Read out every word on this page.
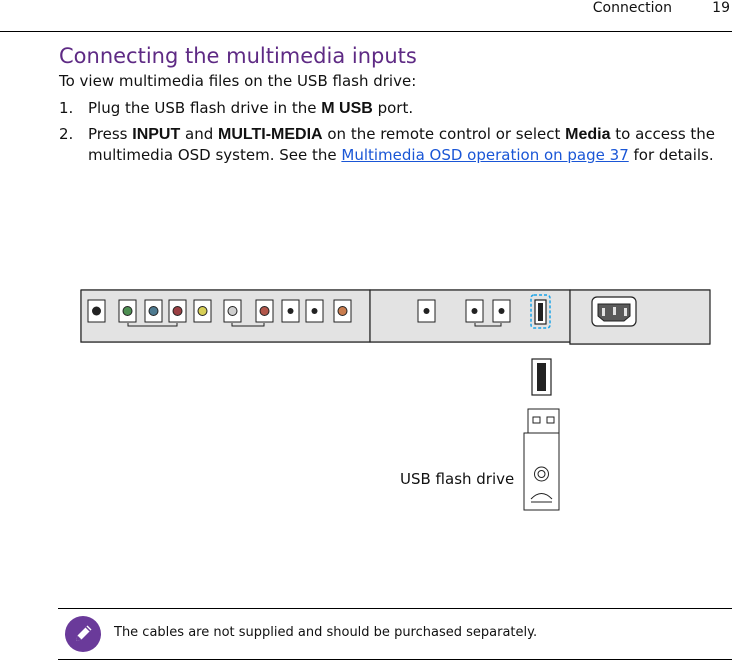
Connection	19
Connecting the multimedia inputs

To view multimedia files on the USB flash drive:

1. Plug the USB flash drive in the M USB port.
2. Press INPUT and MULTI-MEDIA on the remote control or select Media to access the multimedia OSD system. See the Multimedia OSD operation on page 37 for details.
USB flash drive
The cables are not supplied and should be purchased separately.
